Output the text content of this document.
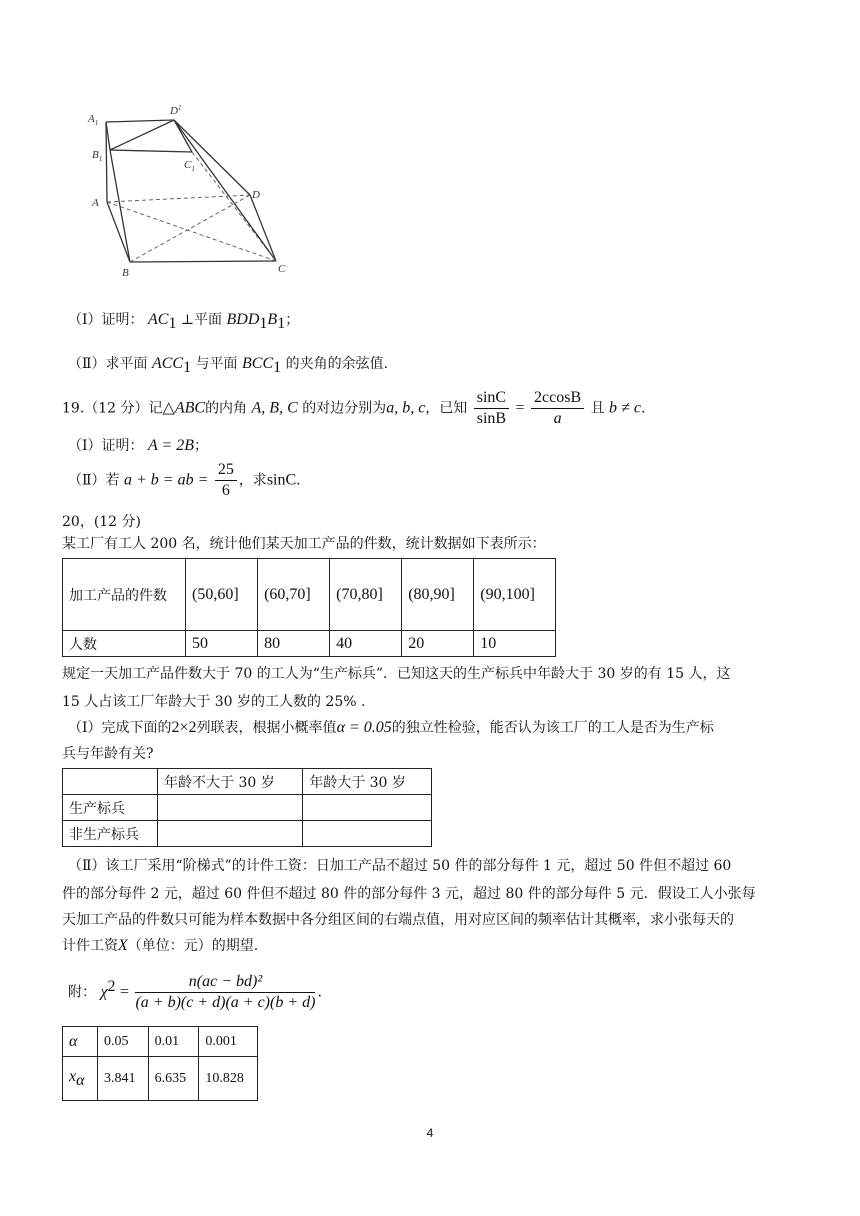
$A_1$
$D^1$
$B_1$	$C_1$
A
D
B	C
（Ⅰ）证明： $AC_1$ ⊥平面 $BDD_1B_1$；
（Ⅱ）求平面 $ACC_1$ 与平面 $BCC_1$ 的夹角的余弦值.
19.（12 分）记△ABC的内角 A, B, C 的对边分别为a, b, c，已知 $\frac{\sin C}{\sin B} = \frac{2ccosB}{a}$ 且 b ≠ c.
（Ⅰ）证明： A = 2B；
（Ⅱ）若 a + b = ab = $\frac{25}{6}$ ，求sinC.
20，(12 分)
某工厂有工人 200 名，统计他们某天加工产品的件数，统计数据如下表所示：
加工产品的件数	(50,60]	(60,70]	(70,80]	(80,90]	(90,100]
人数	50	80	40	20	10
规定一天加工产品件数大于 70 的工人为“生产标兵”．已知这天的生产标兵中年龄大于 30 岁的有 15 人，这
15 人占该工厂年龄大于 30 岁的工人数的 25% .
（Ⅰ）完成下面的2×2列联表，根据小概率值α = 0.05的独立性检验，能否认为该工厂的工人是否为生产标
兵与年龄有关?
	年龄不大于 30 岁	年龄大于 30 岁
生产标兵		
非生产标兵		
（Ⅱ）该工厂采用“阶梯式”的计件工资：日加工产品不超过 50 件的部分每件 1 元，超过 50 件但不超过 60
件的部分每件 2 元，超过 60 件但不超过 80 件的部分每件 3 元，超过 80 件的部分每件 5 元．假设工人小张每
天加工产品的件数只可能为样本数据中各分组区间的右端点值，用对应区间的频率估计其概率，求小张每天的
计件工资X（单位：元）的期望.
附： $\chi^2 = \frac{\text{n(ac − bd)²}}{(a + b)(c + d)(a + c)(b + d)}$ .
α	0.05	0.01	0.001
$x_\alpha$	3.841	6.635	10.828
4
